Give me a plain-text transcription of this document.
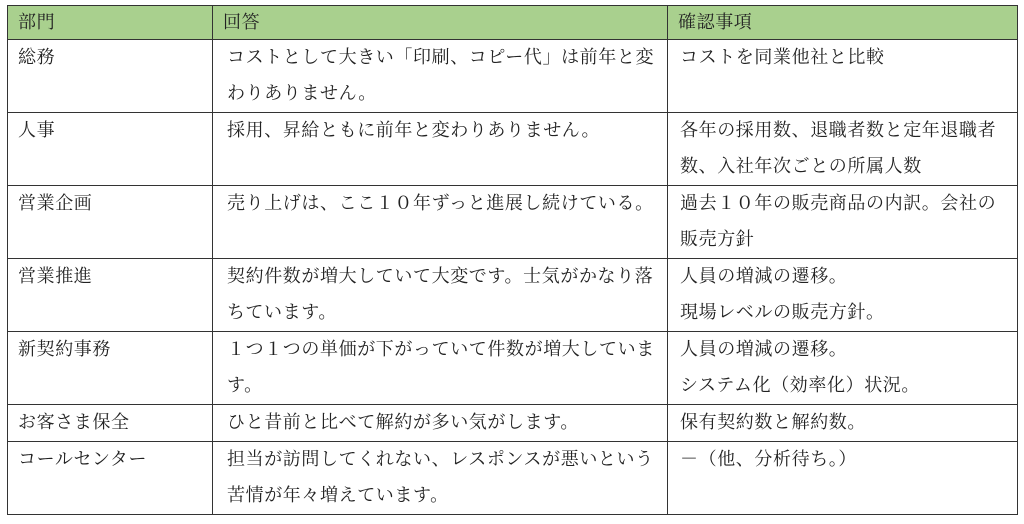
部門	回答	確認事項
総務	コストとして大きい「印刷、コピー代」は前年と変わりありません。	コストを同業他社と比較

人事	採用、昇給ともに前年と変わりありません。	各年の採用数、退職者数と定年退職者数、入社年次ごとの所属人数

営業企画	売り上げは、ここ１０年ずっと進展し続けている。	過去１０年の販売商品の内訳。会社の販売方針

営業推進	契約件数が増大していて大変です。士気がかなり落ちています。	人員の増減の遷移。
現場レベルの販売方針。

新契約事務	１つ１つの単価が下がっていて件数が増大しています。	人員の増減の遷移。
システム化（効率化）状況。

お客さま保全	ひと昔前と比べて解約が多い気がします。	保有契約数と解約数。

コールセンター	担当が訪問してくれない、レスポンスが悪いという苦情が年々増えています。	－（他、分析待ち。）
